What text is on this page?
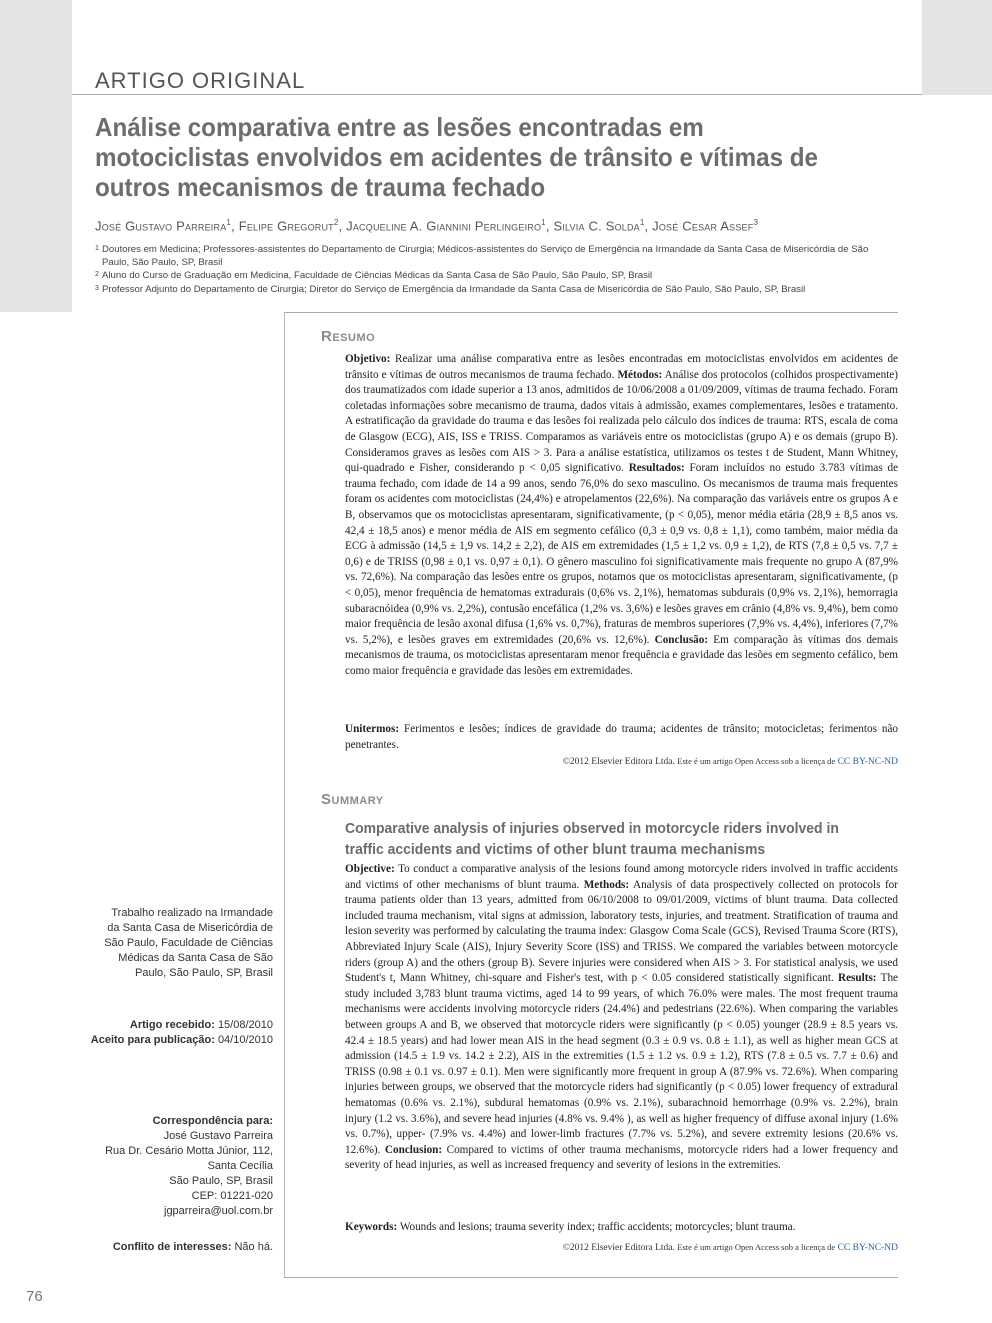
ARTIGO ORIGINAL
Análise comparativa entre as lesões encontradas em motociclistas envolvidos em acidentes de trânsito e vítimas de outros mecanismos de trauma fechado
José Gustavo Parreira$^1$, Felipe Gregorut$^2$, Jacqueline A. Giannini Perlingeiro$^1$, Silvia C. Solda$^1$, José Cesar Assef$^3$
1 Doutores em Medicina; Professores-assistentes do Departamento de Cirurgia; Médicos-assistentes do Serviço de Emergência na Irmandade da Santa Casa de Misericórdia de São Paulo, São Paulo, SP, Brasil
2 Aluno do Curso de Graduação em Medicina, Faculdade de Ciências Médicas da Santa Casa de São Paulo, São Paulo, SP, Brasil
3 Professor Adjunto do Departamento de Cirurgia; Diretor do Serviço de Emergência da Irmandade da Santa Casa de Misericórdia de São Paulo, São Paulo, SP, Brasil
Resumo
Objetivo: Realizar uma análise comparativa entre as lesões encontradas em motociclistas envolvidos em acidentes de trânsito e vítimas de outros mecanismos de trauma fechado. Métodos: Análise dos protocolos (colhidos prospectivamente) dos traumatizados com idade superior a 13 anos, admitidos de 10/06/2008 a 01/09/2009, vítimas de trauma fechado. Foram coletadas informações sobre mecanismo de trauma, dados vitais à admissão, exames complementares, lesões e tratamento. A estratificação da gravidade do trauma e das lesões foi realizada pelo cálculo dos índices de trauma: RTS, escala de coma de Glasgow (ECG), AIS, ISS e TRISS. Comparamos as variáveis entre os motociclistas (grupo A) e os demais (grupo B). Consideramos graves as lesões com AIS > 3. Para a análise estatística, utilizamos os testes t de Student, Mann Whitney, qui-quadrado e Fisher, considerando p < 0,05 significativo. Resultados: Foram incluídos no estudo 3.783 vítimas de trauma fechado, com idade de 14 a 99 anos, sendo 76,0% do sexo masculino. Os mecanismos de trauma mais frequentes foram os acidentes com motociclistas (24,4%) e atropelamentos (22,6%). Na comparação das variáveis entre os grupos A e B, observamos que os motociclistas apresentaram, significativamente, (p < 0,05), menor média etária (28,9 ± 8,5 anos vs. 42,4 ± 18,5 anos) e menor média de AIS em segmento cefálico (0,3 ± 0,9 vs. 0,8 ± 1,1), como também, maior média da ECG à admissão (14,5 ± 1,9 vs. 14,2 ± 2,2), de AIS em extremidades (1,5 ± 1,2 vs. 0,9 ± 1,2), de RTS (7,8 ± 0,5 vs. 7,7 ± 0,6) e de TRISS (0,98 ± 0,1 vs. 0,97 ± 0,1). O gênero masculino foi significativamente mais frequente no grupo A (87,9% vs. 72,6%). Na comparação das lesões entre os grupos, notamos que os motociclistas apresentaram, significativamente, (p < 0,05), menor frequência de hematomas extradurais (0,6% vs. 2,1%), hematomas subdurais (0,9% vs. 2,1%), hemorragia subaracnóidea (0,9% vs. 2,2%), contusão encefálica (1,2% vs. 3,6%) e lesões graves em crânio (4,8% vs. 9,4%), bem como maior frequência de lesão axonal difusa (1,6% vs. 0,7%), fraturas de membros superiores (7,9% vs. 4,4%), inferiores (7,7% vs. 5,2%), e lesões graves em extremidades (20,6% vs. 12,6%). Conclusão: Em comparação às vítimas dos demais mecanismos de trauma, os motociclistas apresentaram menor frequência e gravidade das lesões em segmento cefálico, bem como maior frequência e gravidade das lesões em extremidades.
Unitermos: Ferimentos e lesões; índices de gravidade do trauma; acidentes de trânsito; motocicletas; ferimentos não penetrantes.
©2012 Elsevier Editora Ltda. Este é um artigo Open Access sob a licença de CC BY-NC-ND
Summary
Comparative analysis of injuries observed in motorcycle riders involved in traffic accidents and victims of other blunt trauma mechanisms
Objective: To conduct a comparative analysis of the lesions found among motorcycle riders involved in traffic accidents and victims of other mechanisms of blunt trauma. Methods: Analysis of data prospectively collected on protocols for trauma patients older than 13 years, admitted from 06/10/2008 to 09/01/2009, victims of blunt trauma. Data collected included trauma mechanism, vital signs at admission, laboratory tests, injuries, and treatment. Stratification of trauma and lesion severity was performed by calculating the trauma index: Glasgow Coma Scale (GCS), Revised Trauma Score (RTS), Abbreviated Injury Scale (AIS), Injury Severity Score (ISS) and TRISS. We compared the variables between motorcycle riders (group A) and the others (group B). Severe injuries were considered when AIS > 3. For statistical analysis, we used Student's t, Mann Whitney, chi-square and Fisher's test, with p < 0.05 considered statistically significant. Results: The study included 3,783 blunt trauma victims, aged 14 to 99 years, of which 76.0% were males. The most frequent trauma mechanisms were accidents involving motorcycle riders (24.4%) and pedestrians (22.6%). When comparing the variables between groups A and B, we observed that motorcycle riders were significantly (p < 0.05) younger (28.9 ± 8.5 years vs. 42.4 ± 18.5 years) and had lower mean AIS in the head segment (0.3 ± 0.9 vs. 0.8 ± 1.1), as well as higher mean GCS at admission (14.5 ± 1.9 vs. 14.2 ± 2.2), AIS in the extremities (1.5 ± 1.2 vs. 0.9 ± 1.2), RTS (7.8 ± 0.5 vs. 7.7 ± 0.6) and TRISS (0.98 ± 0.1 vs. 0.97 ± 0.1). Men were significantly more frequent in group A (87.9% vs. 72.6%). When comparing injuries between groups, we observed that the motorcycle riders had significantly (p < 0.05) lower frequency of extradural hematomas (0.6% vs. 2.1%), subdural hematomas (0.9% vs. 2.1%), subarachnoid hemorrhage (0.9% vs. 2.2%), brain injury (1.2 vs. 3.6%), and severe head injuries (4.8% vs. 9.4% ), as well as higher frequency of diffuse axonal injury (1.6% vs. 0.7%), upper- (7.9% vs. 4.4%) and lower-limb fractures (7.7% vs. 5.2%), and severe extremity lesions (20.6% vs. 12.6%). Conclusion: Compared to victims of other trauma mechanisms, motorcycle riders had a lower frequency and severity of head injuries, as well as increased frequency and severity of lesions in the extremities.
Keywords: Wounds and lesions; trauma severity index; traffic accidents; motorcycles; blunt trauma.
©2012 Elsevier Editora Ltda. Este é um artigo Open Access sob a licença de CC BY-NC-ND
Trabalho realizado na Irmandade da Santa Casa de Misericórdia de São Paulo, Faculdade de Ciências Médicas da Santa Casa de São Paulo, São Paulo, SP, Brasil
Artigo recebido: 15/08/2010
Aceito para publicação: 04/10/2010
Correspondência para:
José Gustavo Parreira
Rua Dr. Cesário Motta Júnior, 112,
Santa Cecília
São Paulo, SP, Brasil
CEP: 01221-020
jgparreira@uol.com.br
Conflito de interesses: Não há.
76
